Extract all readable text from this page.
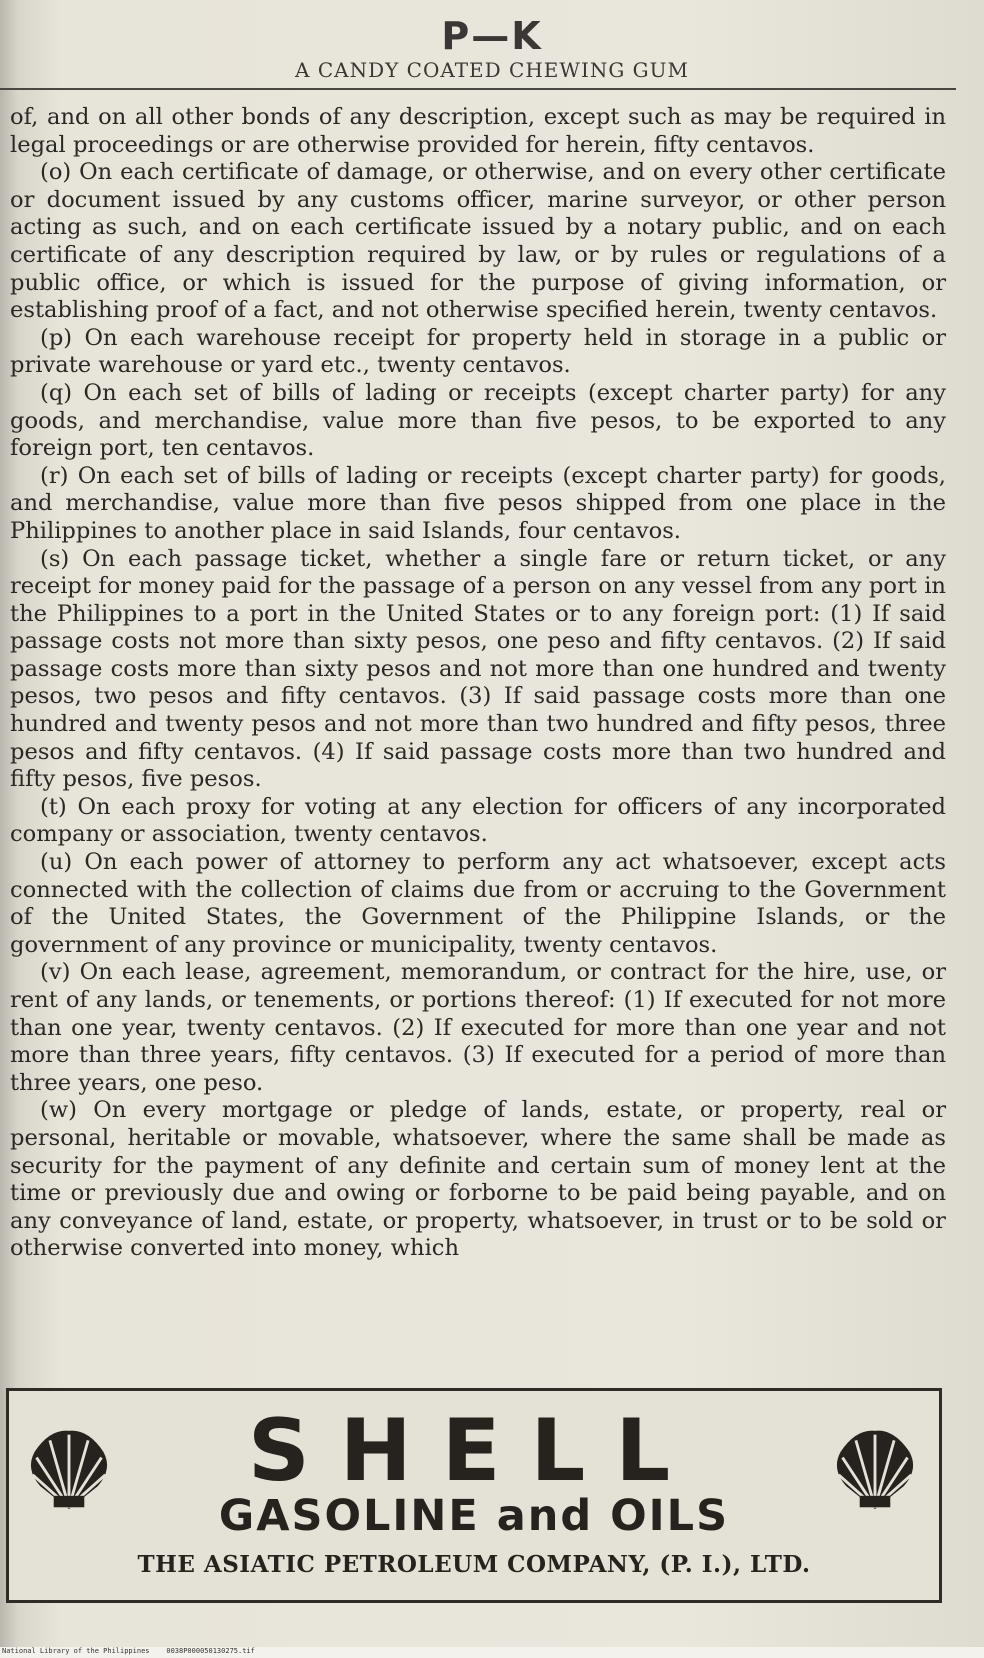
P—K
A CANDY COATED CHEWING GUM

of, and on all other bonds of any description, except such as may be required in legal proceedings or are otherwise provided for herein, fifty centavos.

(o) On each certificate of damage, or otherwise, and on every other certificate or document issued by any customs officer, marine surveyor, or other person acting as such, and on each certificate issued by a notary public, and on each certificate of any description required by law, or by rules or regulations of a public office, or which is issued for the purpose of giving information, or establishing proof of a fact, and not otherwise specified herein, twenty centavos.

(p) On each warehouse receipt for property held in storage in a public or private warehouse or yard etc., twenty centavos.

(q) On each set of bills of lading or receipts (except charter party) for any goods, and merchandise, value more than five pesos, to be exported to any foreign port, ten centavos.

(r) On each set of bills of lading or receipts (except charter party) for goods, and merchandise, value more than five pesos shipped from one place in the Philippines to another place in said Islands, four centavos.

(s) On each passage ticket, whether a single fare or return ticket, or any receipt for money paid for the passage of a person on any vessel from any port in the Philippines to a port in the United States or to any foreign port: (1) If said passage costs not more than sixty pesos, one peso and fifty centavos. (2) If said passage costs more than sixty pesos and not more than one hundred and twenty pesos, two pesos and fifty centavos. (3) If said passage costs more than one hundred and twenty pesos and not more than two hundred and fifty pesos, three pesos and fifty centavos. (4) If said passage costs more than two hundred and fifty pesos, five pesos.

(t) On each proxy for voting at any election for officers of any incorporated company or association, twenty centavos.

(u) On each power of attorney to perform any act whatsoever, except acts connected with the collection of claims due from or accruing to the Government of the United States, the Government of the Philippine Islands, or the government of any province or municipality, twenty centavos.

(v) On each lease, agreement, memorandum, or contract for the hire, use, or rent of any lands, or tenements, or portions thereof: (1) If executed for not more than one year, twenty centavos. (2) If executed for more than one year and not more than three years, fifty centavos. (3) If executed for a period of more than three years, one peso.

(w) On every mortgage or pledge of lands, estate, or property, real or personal, heritable or movable, whatsoever, where the same shall be made as security for the payment of any definite and certain sum of money lent at the time or previously due and owing or forborne to be paid being payable, and on any conveyance of land, estate, or property, whatsoever, in trust or to be sold or otherwise converted into money, which

SHELL
GASOLINE and OILS
THE ASIATIC PETROLEUM COMPANY, (P. I.), LTD.
National Library of the Philippines    0038P000050130275.tif
